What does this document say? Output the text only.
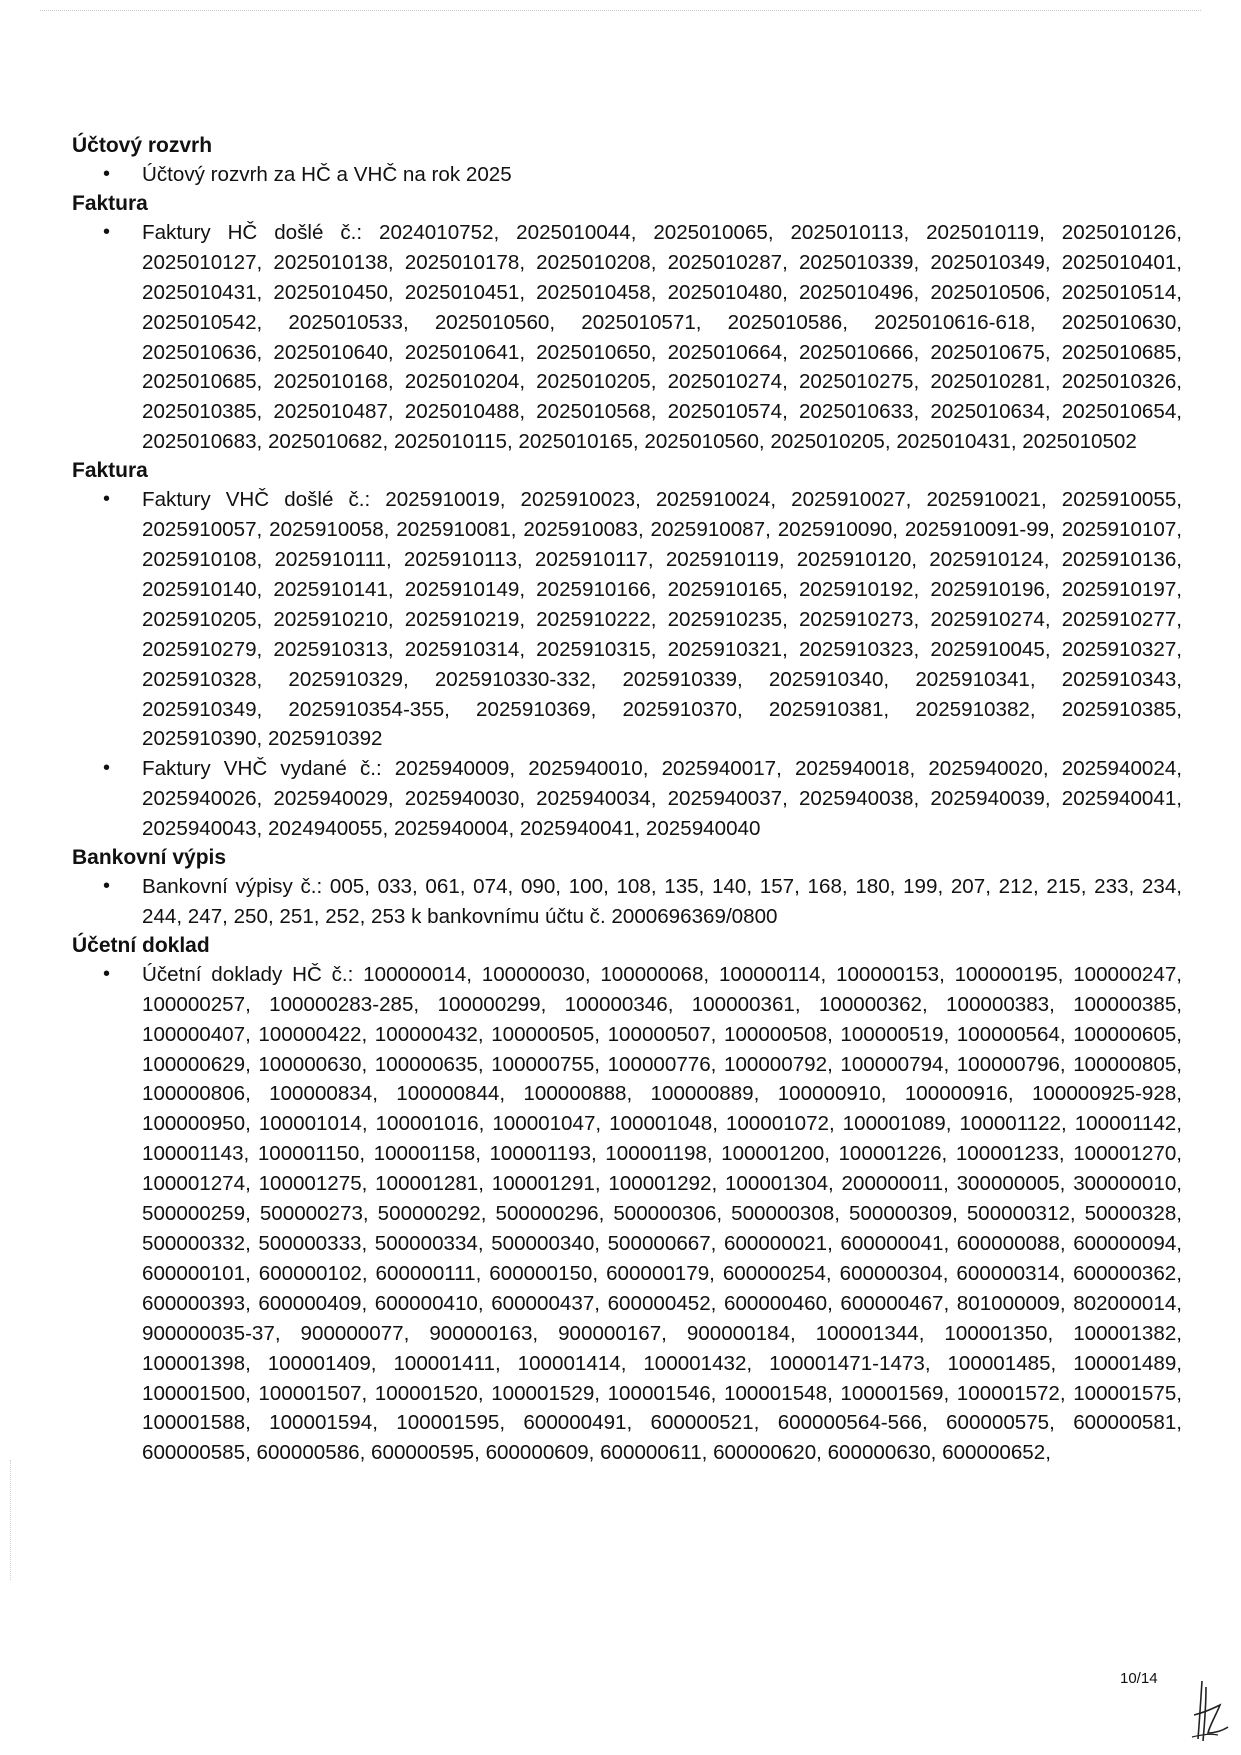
Účtový rozvrh
• Účtový rozvrh za HČ a VHČ na rok 2025
Faktura
• Faktury HČ došlé č.: 2024010752, 2025010044, 2025010065, 2025010113, 2025010119, 2025010126, 2025010127, 2025010138, 2025010178, 2025010208, 2025010287, 2025010339, 2025010349, 2025010401, 2025010431, 2025010450, 2025010451, 2025010458, 2025010480, 2025010496, 2025010506, 2025010514, 2025010542, 2025010533, 2025010560, 2025010571, 2025010586, 2025010616-618, 2025010630, 2025010636, 2025010640, 2025010641, 2025010650, 2025010664, 2025010666, 2025010675, 2025010685, 2025010685, 2025010168, 2025010204, 2025010205, 2025010274, 2025010275, 2025010281, 2025010326, 2025010385, 2025010487, 2025010488, 2025010568, 2025010574, 2025010633, 2025010634, 2025010654, 2025010683, 2025010682, 2025010115, 2025010165, 2025010560, 2025010205, 2025010431, 2025010502
Faktura
• Faktury VHČ došlé č.: 2025910019, 2025910023, 2025910024, 2025910027, 2025910021, 2025910055, 2025910057, 2025910058, 2025910081, 2025910083, 2025910087, 2025910090, 2025910091-99, 2025910107, 2025910108, 2025910111, 2025910113, 2025910117, 2025910119, 2025910120, 2025910124, 2025910136, 2025910140, 2025910141, 2025910149, 2025910166, 2025910165, 2025910192, 2025910196, 2025910197, 2025910205, 2025910210, 2025910219, 2025910222, 2025910235, 2025910273, 2025910274, 2025910277, 2025910279, 2025910313, 2025910314, 2025910315, 2025910321, 2025910323, 2025910045, 2025910327, 2025910328, 2025910329, 2025910330-332, 2025910339, 2025910340, 2025910341, 2025910343, 2025910349, 2025910354-355, 2025910369, 2025910370, 2025910381, 2025910382, 2025910385, 2025910390, 2025910392
• Faktury VHČ vydané č.: 2025940009, 2025940010, 2025940017, 2025940018, 2025940020, 2025940024, 2025940026, 2025940029, 2025940030, 2025940034, 2025940037, 2025940038, 2025940039, 2025940041, 2025940043, 2024940055, 2025940004, 2025940041, 2025940040
Bankovní výpis
• Bankovní výpisy č.: 005, 033, 061, 074, 090, 100, 108, 135, 140, 157, 168, 180, 199, 207, 212, 215, 233, 234, 244, 247, 250, 251, 252, 253 k bankovnímu účtu č. 2000696369/0800
Účetní doklad
• Účetní doklady HČ č.: 100000014, 100000030, 100000068, 100000114, 100000153, 100000195, 100000247, 100000257, 100000283-285, 100000299, 100000346, 100000361, 100000362, 100000383, 100000385, 100000407, 100000422, 100000432, 100000505, 100000507, 100000508, 100000519, 100000564, 100000605, 100000629, 100000630, 100000635, 100000755, 100000776, 100000792, 100000794, 100000796, 100000805, 100000806, 100000834, 100000844, 100000888, 100000889, 100000910, 100000916, 100000925-928, 100000950, 100001014, 100001016, 100001047, 100001048, 100001072, 100001089, 100001122, 100001142, 100001143, 100001150, 100001158, 100001193, 100001198, 100001200, 100001226, 100001233, 100001270, 100001274, 100001275, 100001281, 100001291, 100001292, 100001304, 200000011, 300000005, 300000010, 500000259, 500000273, 500000292, 500000296, 500000306, 500000308, 500000309, 500000312, 50000328, 500000332, 500000333, 500000334, 500000340, 500000667, 600000021, 600000041, 600000088, 600000094, 600000101, 600000102, 600000111, 600000150, 600000179, 600000254, 600000304, 600000314, 600000362, 600000393, 600000409, 600000410, 600000437, 600000452, 600000460, 600000467, 801000009, 802000014, 900000035-37, 900000077, 900000163, 900000167, 900000184, 100001344, 100001350, 100001382, 100001398, 100001409, 100001411, 100001414, 100001432, 100001471-1473, 100001485, 100001489, 100001500, 100001507, 100001520, 100001529, 100001546, 100001548, 100001569, 100001572, 100001575, 100001588, 100001594, 100001595, 600000491, 600000521, 600000564-566, 600000575, 600000581, 600000585, 600000586, 600000595, 600000609, 600000611, 600000620, 600000630, 600000652,
10/14
